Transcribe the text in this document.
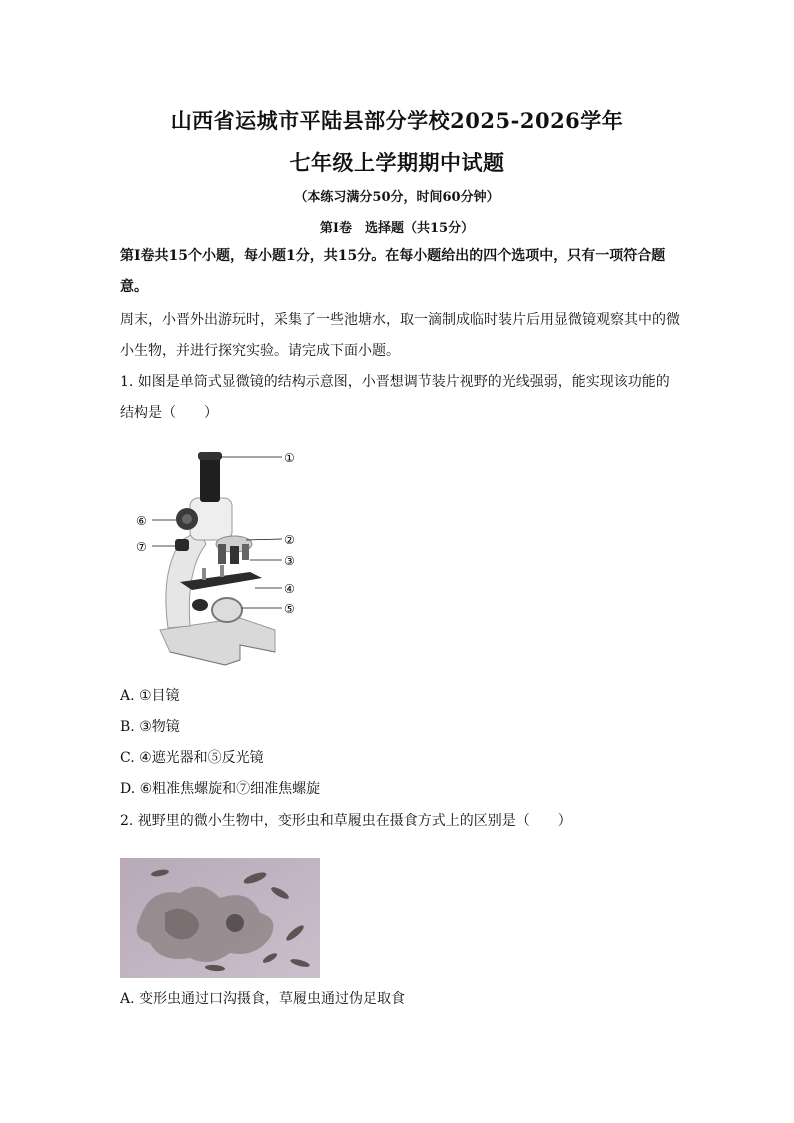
山西省运城市平陆县部分学校2025-2026学年
七年级上学期期中试题
（本练习满分50分，时间60分钟）
第Ⅰ卷　选择题（共15分）
第Ⅰ卷共15个小题，每小题1分，共15分。在每小题给出的四个选项中，只有一项符合题意。
周末，小晋外出游玩时，采集了一些池塘水，取一滴制成临时装片后用显微镜观察其中的微小生物，并进行探究实验。请完成下面小题。
1. 如图是单筒式显微镜的结构示意图，小晋想调节装片视野的光线强弱，能实现该功能的结构是（　　）
①
②
③
④
⑤
⑥
⑦
A. ①目镜
B. ③物镜
C. ④遮光器和⑤反光镜
D. ⑥粗准焦螺旋和⑦细准焦螺旋
2. 视野里的微小生物中，变形虫和草履虫在摄食方式上的区别是（　　）
A. 变形虫通过口沟摄食，草履虫通过伪足取食
